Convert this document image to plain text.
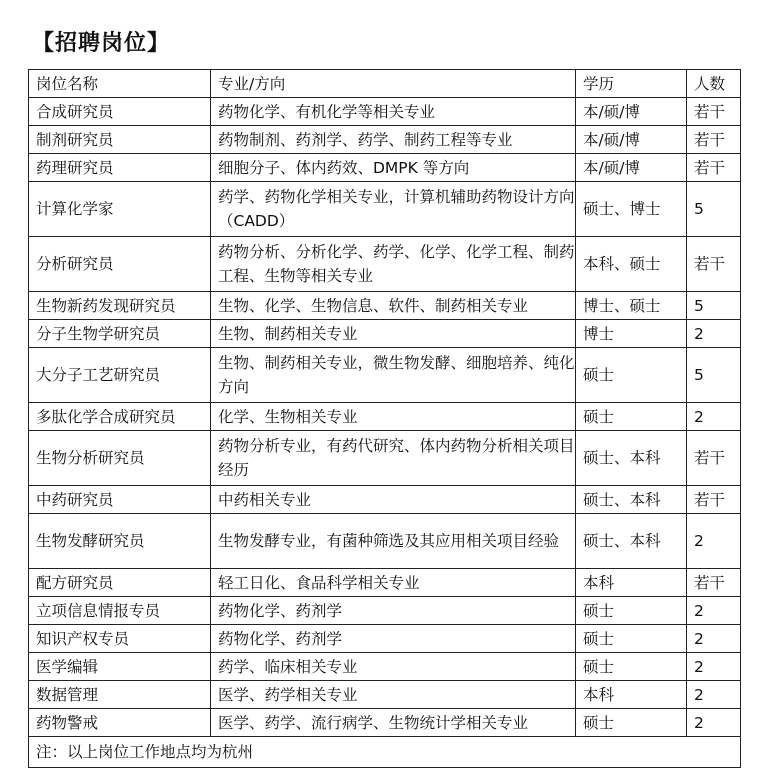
【招聘岗位】
岗位名称	专业/方向	学历	人数
合成研究员	药物化学、有机化学等相关专业	本/硕/博	若干
制剂研究员	药物制剂、药剂学、药学、制药工程等专业	本/硕/博	若干
药理研究员	细胞分子、体内药效、DMPK 等方向	本/硕/博	若干
计算化学家	药学、药物化学相关专业，计算机辅助药物设计方向（CADD）	硕士、博士	5
分析研究员	药物分析、分析化学、药学、化学、化学工程、制药工程、生物等相关专业	本科、硕士	若干
生物新药发现研究员	生物、化学、生物信息、软件、制药相关专业	博士、硕士	5
分子生物学研究员	生物、制药相关专业	博士	2
大分子工艺研究员	生物、制药相关专业，微生物发酵、细胞培养、纯化方向	硕士	5
多肽化学合成研究员	化学、生物相关专业	硕士	2
生物分析研究员	药物分析专业，有药代研究、体内药物分析相关项目经历	硕士、本科	若干
中药研究员	中药相关专业	硕士、本科	若干
生物发酵研究员	生物发酵专业，有菌种筛选及其应用相关项目经验	硕士、本科	2
配方研究员	轻工日化、食品科学相关专业	本科	若干
立项信息情报专员	药物化学、药剂学	硕士	2
知识产权专员	药物化学、药剂学	硕士	2
医学编辑	药学、临床相关专业	硕士	2
数据管理	医学、药学相关专业	本科	2
药物警戒	医学、药学、流行病学、生物统计学相关专业	硕士	2
注：以上岗位工作地点均为杭州			
